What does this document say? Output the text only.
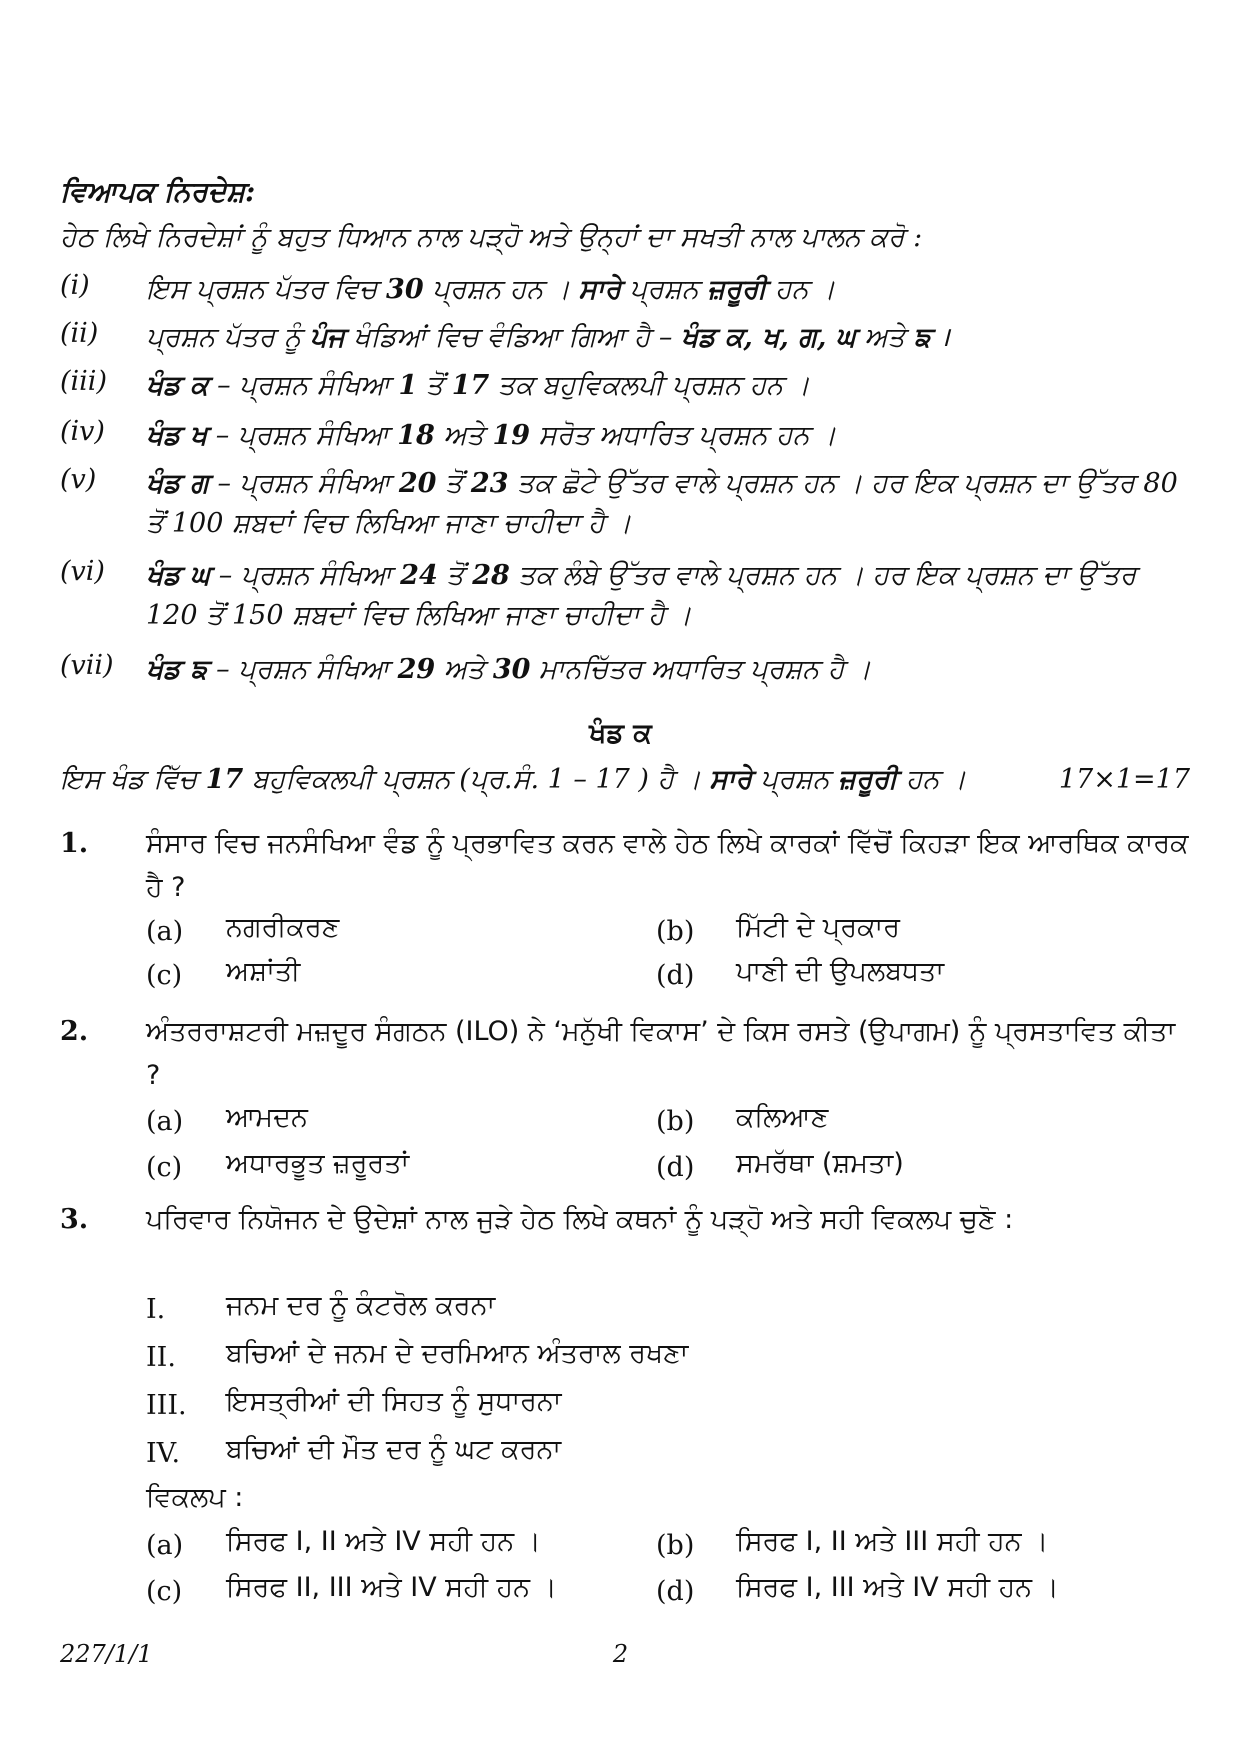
ਵਿਆਪਕ ਨਿਰਦੇਸ਼:
ਹੇਠ ਲਿਖੇ ਨਿਰਦੇਸ਼ਾਂ ਨੂੰ ਬਹੁਤ ਧਿਆਨ ਨਾਲ ਪੜ੍ਹੋ ਅਤੇ ਉਨ੍ਹਾਂ ਦਾ ਸਖਤੀ ਨਾਲ ਪਾਲਨ ਕਰੋ :
(i) ਇਸ ਪ੍ਰਸ਼ਨ ਪੱਤਰ ਵਿਚ 30 ਪ੍ਰਸ਼ਨ ਹਨ । ਸਾਰੇ ਪ੍ਰਸ਼ਨ ਜ਼ਰੂਰੀ ਹਨ ।
(ii) ਪ੍ਰਸ਼ਨ ਪੱਤਰ ਨੂੰ ਪੰਜ ਖੰਡਿਆਂ ਵਿਚ ਵੰਡਿਆ ਗਿਆ ਹੈ – ਖੰਡ ਕ, ਖ, ਗ, ਘ ਅਤੇ ਙ ।
(iii) ਖੰਡ ਕ – ਪ੍ਰਸ਼ਨ ਸੰਖਿਆ 1 ਤੋਂ 17 ਤਕ ਬਹੁਵਿਕਲਪੀ ਪ੍ਰਸ਼ਨ ਹਨ ।
(iv) ਖੰਡ ਖ – ਪ੍ਰਸ਼ਨ ਸੰਖਿਆ 18 ਅਤੇ 19 ਸਰੋਤ ਅਧਾਰਿਤ ਪ੍ਰਸ਼ਨ ਹਨ ।
(v) ਖੰਡ ਗ – ਪ੍ਰਸ਼ਨ ਸੰਖਿਆ 20 ਤੋਂ 23 ਤਕ ਛੋਟੇ ਉੱਤਰ ਵਾਲੇ ਪ੍ਰਸ਼ਨ ਹਨ । ਹਰ ਇਕ ਪ੍ਰਸ਼ਨ ਦਾ ਉੱਤਰ 80 ਤੋਂ 100 ਸ਼ਬਦਾਂ ਵਿਚ ਲਿਖਿਆ ਜਾਣਾ ਚਾਹੀਦਾ ਹੈ ।
(vi) ਖੰਡ ਘ – ਪ੍ਰਸ਼ਨ ਸੰਖਿਆ 24 ਤੋਂ 28 ਤਕ ਲੰਬੇ ਉੱਤਰ ਵਾਲੇ ਪ੍ਰਸ਼ਨ ਹਨ । ਹਰ ਇਕ ਪ੍ਰਸ਼ਨ ਦਾ ਉੱਤਰ 120 ਤੋਂ 150 ਸ਼ਬਦਾਂ ਵਿਚ ਲਿਖਿਆ ਜਾਣਾ ਚਾਹੀਦਾ ਹੈ ।
(vii) ਖੰਡ ਙ – ਪ੍ਰਸ਼ਨ ਸੰਖਿਆ 29 ਅਤੇ 30 ਮਾਨਚਿੱਤਰ ਅਧਾਰਿਤ ਪ੍ਰਸ਼ਨ ਹੈ ।
ਖੰਡ ਕ
ਇਸ ਖੰਡ ਵਿੱਚ 17 ਬਹੁਵਿਕਲਪੀ ਪ੍ਰਸ਼ਨ (ਪ੍ਰ.ਸੰ. 1 – 17 ) ਹੈ । ਸਾਰੇ ਪ੍ਰਸ਼ਨ ਜ਼ਰੂਰੀ ਹਨ ।	17×1=17
1. ਸੰਸਾਰ ਵਿਚ ਜਨਸੰਖਿਆ ਵੰਡ ਨੂੰ ਪ੍ਰਭਾਵਿਤ ਕਰਨ ਵਾਲੇ ਹੇਠ ਲਿਖੇ ਕਾਰਕਾਂ ਵਿੱਚੋਂ ਕਿਹੜਾ ਇਕ ਆਰਥਿਕ ਕਾਰਕ ਹੈ ?
(a) ਨਗਰੀਕਰਣ	(b) ਮਿੱਟੀ ਦੇ ਪ੍ਰਕਾਰ
(c) ਅਸ਼ਾਂਤੀ	(d) ਪਾਣੀ ਦੀ ਉਪਲਬਧਤਾ
2. ਅੰਤਰਰਾਸ਼ਟਰੀ ਮਜ਼ਦੂਰ ਸੰਗਠਨ (ILO) ਨੇ ‘ਮਨੁੱਖੀ ਵਿਕਾਸ’ ਦੇ ਕਿਸ ਰਸਤੇ (ਉਪਾਗਮ) ਨੂੰ ਪ੍ਰਸਤਾਵਿਤ ਕੀਤਾ ?
(a) ਆਮਦਨ	(b) ਕਲਿਆਣ
(c) ਅਧਾਰਭੂਤ ਜ਼ਰੂਰਤਾਂ	(d) ਸਮਰੱਥਾ (ਸ਼ਮਤਾ)
3. ਪਰਿਵਾਰ ਨਿਯੋਜਨ ਦੇ ਉਦੇਸ਼ਾਂ ਨਾਲ ਜੁੜੇ ਹੇਠ ਲਿਖੇ ਕਥਨਾਂ ਨੂੰ ਪੜ੍ਹੋ ਅਤੇ ਸਹੀ ਵਿਕਲਪ ਚੁਣੋ :
I. ਜਨਮ ਦਰ ਨੂੰ ਕੰਟਰੋਲ ਕਰਨਾ
II. ਬਚਿਆਂ ਦੇ ਜਨਮ ਦੇ ਦਰਮਿਆਨ ਅੰਤਰਾਲ ਰਖਣਾ
III. ਇਸਤ੍ਰੀਆਂ ਦੀ ਸਿਹਤ ਨੂੰ ਸੁਧਾਰਨਾ
IV. ਬਚਿਆਂ ਦੀ ਮੌਤ ਦਰ ਨੂੰ ਘਟ ਕਰਨਾ
ਵਿਕਲਪ :
(a) ਸਿਰਫ I, II ਅਤੇ IV ਸਹੀ ਹਨ ।	(b) ਸਿਰਫ I, II ਅਤੇ III ਸਹੀ ਹਨ ।
(c) ਸਿਰਫ II, III ਅਤੇ IV ਸਹੀ ਹਨ ।	(d) ਸਿਰਫ I, III ਅਤੇ IV ਸਹੀ ਹਨ ।
227/1/1	2
